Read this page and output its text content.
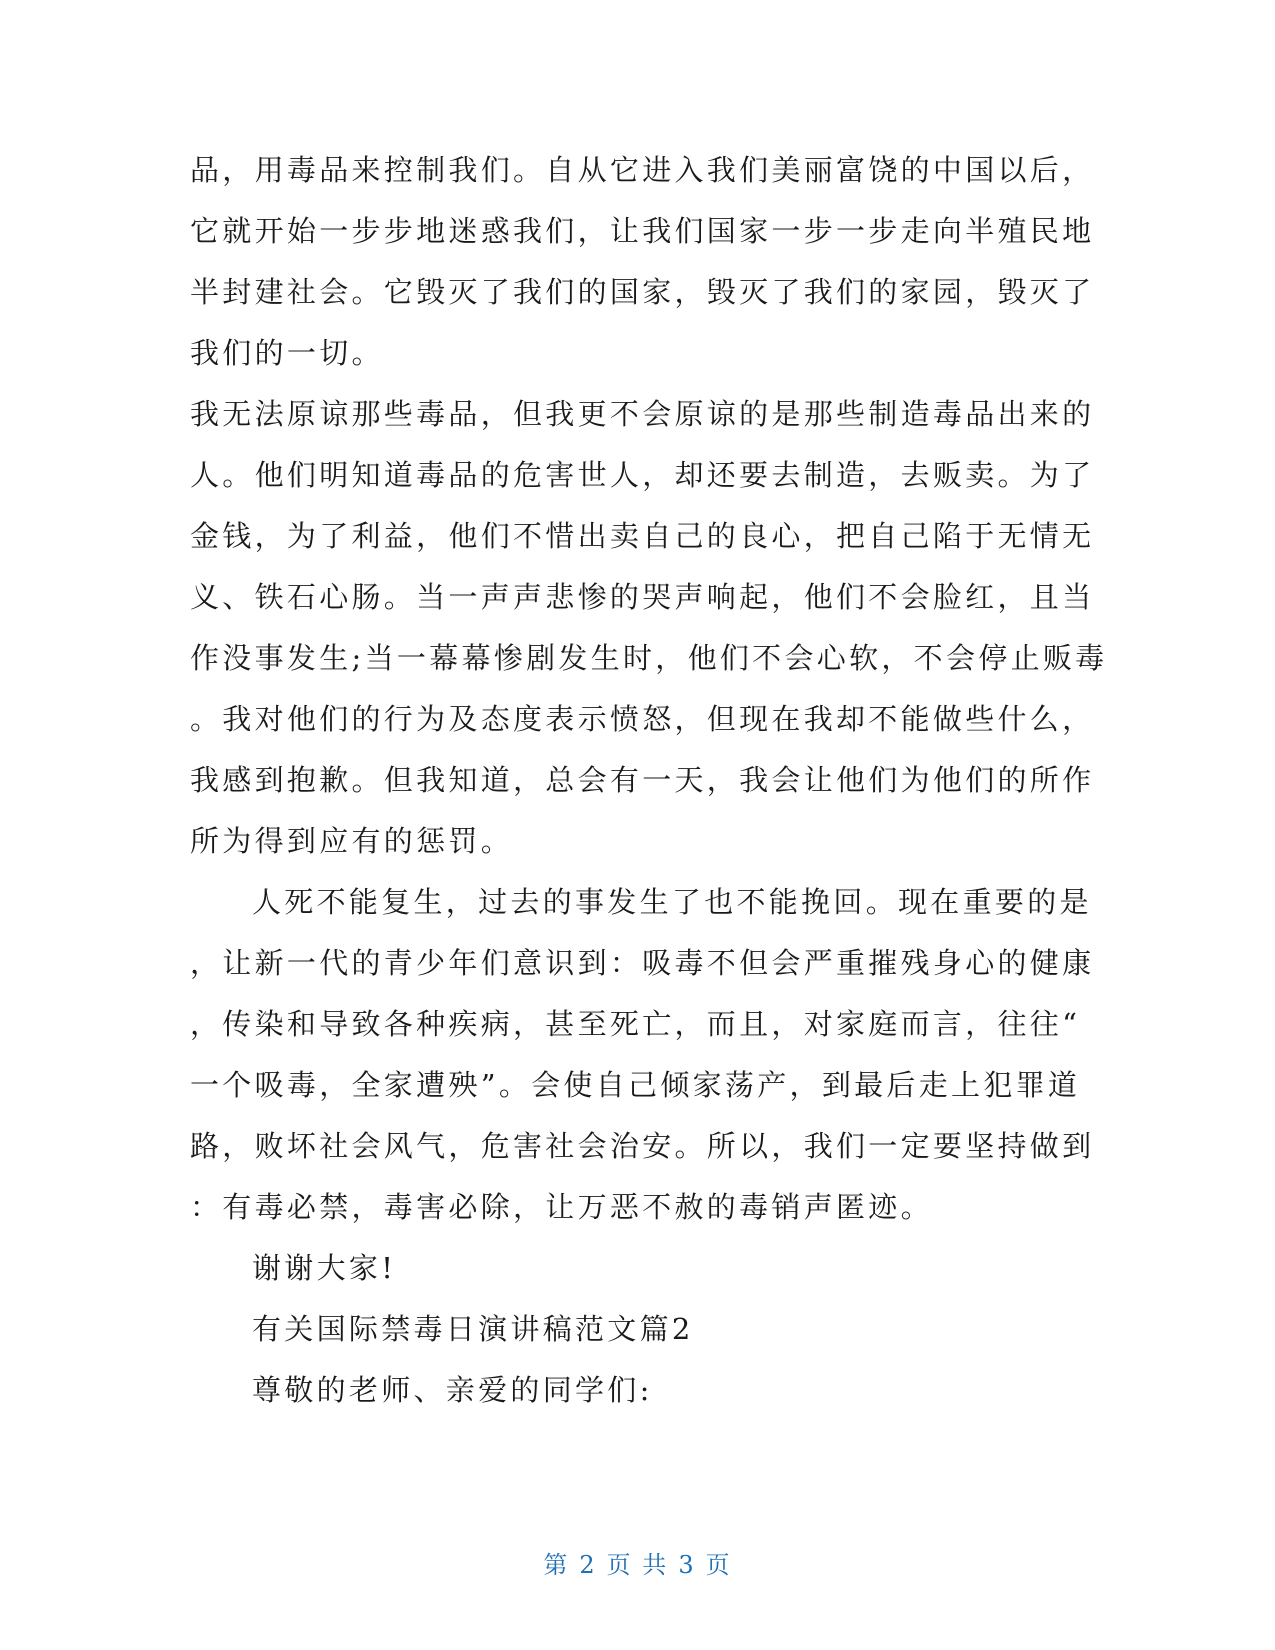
品，用毒品来控制我们。自从它进入我们美丽富饶的中国以后，
它就开始一步步地迷惑我们，让我们国家一步一步走向半殖民地
半封建社会。它毁灭了我们的国家，毁灭了我们的家园，毁灭了
我们的一切。
我无法原谅那些毒品，但我更不会原谅的是那些制造毒品出来的
人。他们明知道毒品的危害世人，却还要去制造，去贩卖。为了
金钱，为了利益，他们不惜出卖自己的良心，把自己陷于无情无
义、铁石心肠。当一声声悲惨的哭声响起，他们不会脸红，且当
作没事发生;当一幕幕惨剧发生时，他们不会心软，不会停止贩毒
。我对他们的行为及态度表示愤怒，但现在我却不能做些什么，
我感到抱歉。但我知道，总会有一天，我会让他们为他们的所作
所为得到应有的惩罚。
人死不能复生，过去的事发生了也不能挽回。现在重要的是
，让新一代的青少年们意识到：吸毒不但会严重摧残身心的健康
，传染和导致各种疾病，甚至死亡，而且，对家庭而言，往往“
一个吸毒，全家遭殃”。会使自己倾家荡产，到最后走上犯罪道
路，败坏社会风气，危害社会治安。所以，我们一定要坚持做到
：有毒必禁，毒害必除，让万恶不赦的毒销声匿迹。
谢谢大家!
有关国际禁毒日演讲稿范文篇2
尊敬的老师、亲爱的同学们:
第 2 页 共 3 页
